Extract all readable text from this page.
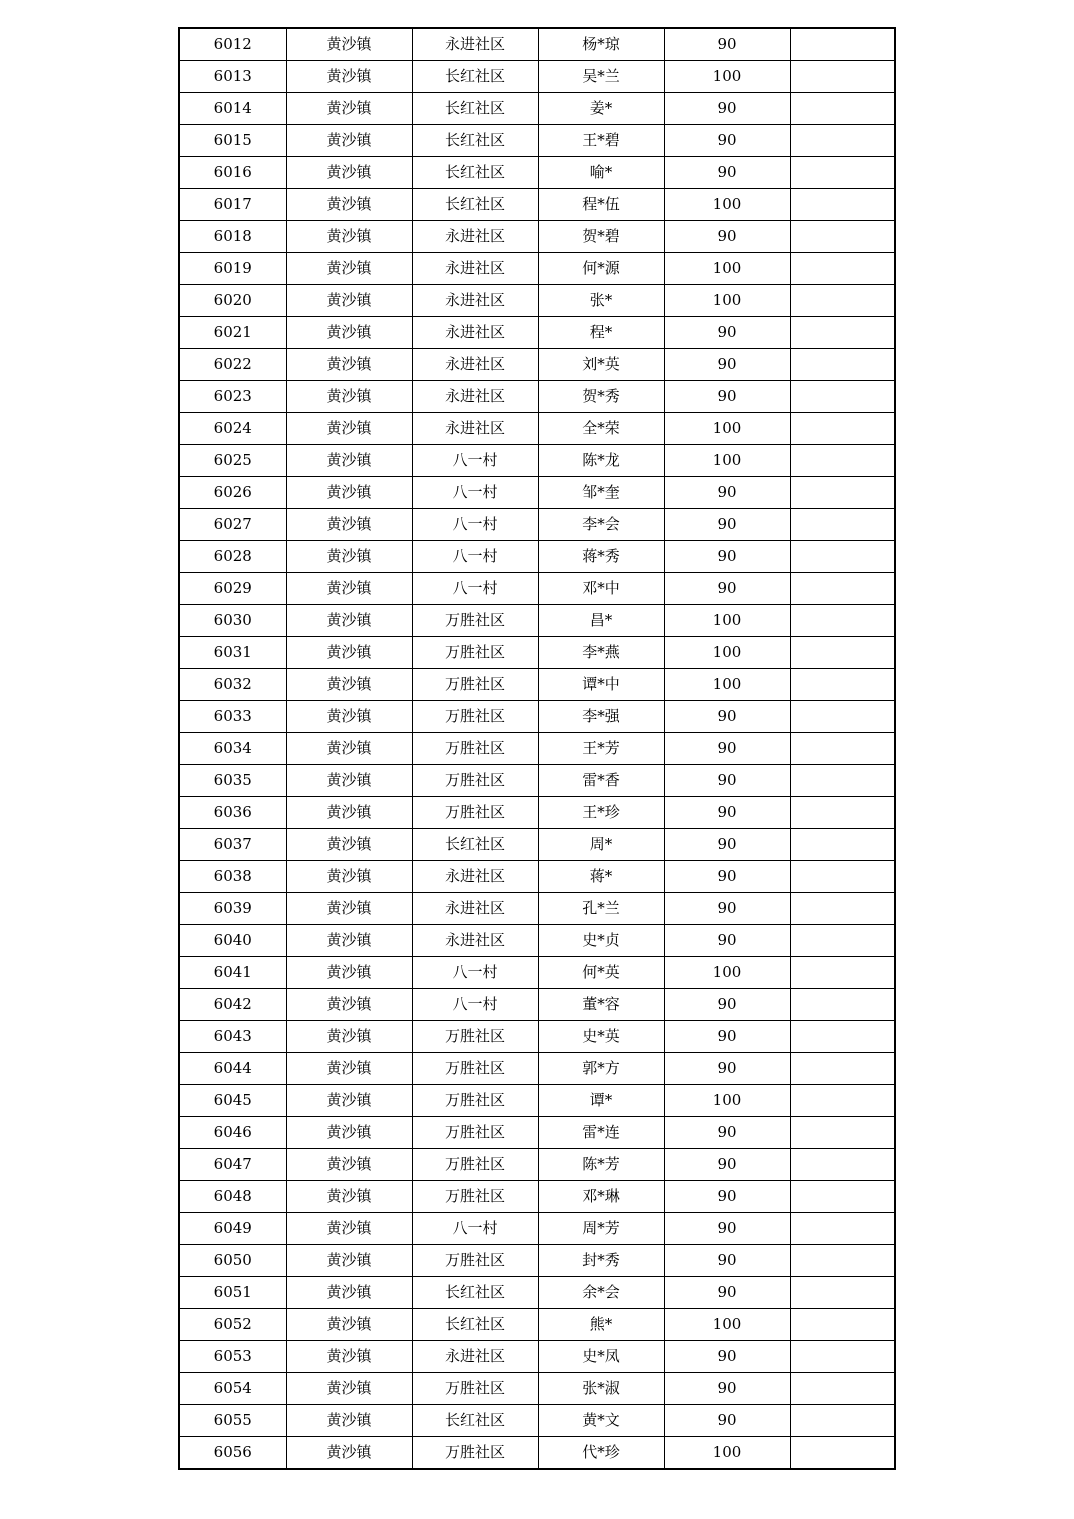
6012	黄沙镇	永进社区	杨*琼	90	
6013	黄沙镇	长红社区	吴*兰	100	
6014	黄沙镇	长红社区	姜*	90	
6015	黄沙镇	长红社区	王*碧	90	
6016	黄沙镇	长红社区	喻*	90	
6017	黄沙镇	长红社区	程*伍	100	
6018	黄沙镇	永进社区	贺*碧	90	
6019	黄沙镇	永进社区	何*源	100	
6020	黄沙镇	永进社区	张*	100	
6021	黄沙镇	永进社区	程*	90	
6022	黄沙镇	永进社区	刘*英	90	
6023	黄沙镇	永进社区	贺*秀	90	
6024	黄沙镇	永进社区	全*荣	100	
6025	黄沙镇	八一村	陈*龙	100	
6026	黄沙镇	八一村	邹*奎	90	
6027	黄沙镇	八一村	李*会	90	
6028	黄沙镇	八一村	蒋*秀	90	
6029	黄沙镇	八一村	邓*中	90	
6030	黄沙镇	万胜社区	昌*	100	
6031	黄沙镇	万胜社区	李*燕	100	
6032	黄沙镇	万胜社区	谭*中	100	
6033	黄沙镇	万胜社区	李*强	90	
6034	黄沙镇	万胜社区	王*芳	90	
6035	黄沙镇	万胜社区	雷*香	90	
6036	黄沙镇	万胜社区	王*珍	90	
6037	黄沙镇	长红社区	周*	90	
6038	黄沙镇	永进社区	蒋*	90	
6039	黄沙镇	永进社区	孔*兰	90	
6040	黄沙镇	永进社区	史*贞	90	
6041	黄沙镇	八一村	何*英	100	
6042	黄沙镇	八一村	董*容	90	
6043	黄沙镇	万胜社区	史*英	90	
6044	黄沙镇	万胜社区	郭*方	90	
6045	黄沙镇	万胜社区	谭*	100	
6046	黄沙镇	万胜社区	雷*连	90	
6047	黄沙镇	万胜社区	陈*芳	90	
6048	黄沙镇	万胜社区	邓*琳	90	
6049	黄沙镇	八一村	周*芳	90	
6050	黄沙镇	万胜社区	封*秀	90	
6051	黄沙镇	长红社区	余*会	90	
6052	黄沙镇	长红社区	熊*	100	
6053	黄沙镇	永进社区	史*凤	90	
6054	黄沙镇	万胜社区	张*淑	90	
6055	黄沙镇	长红社区	黄*文	90	
6056	黄沙镇	万胜社区	代*珍	100	
